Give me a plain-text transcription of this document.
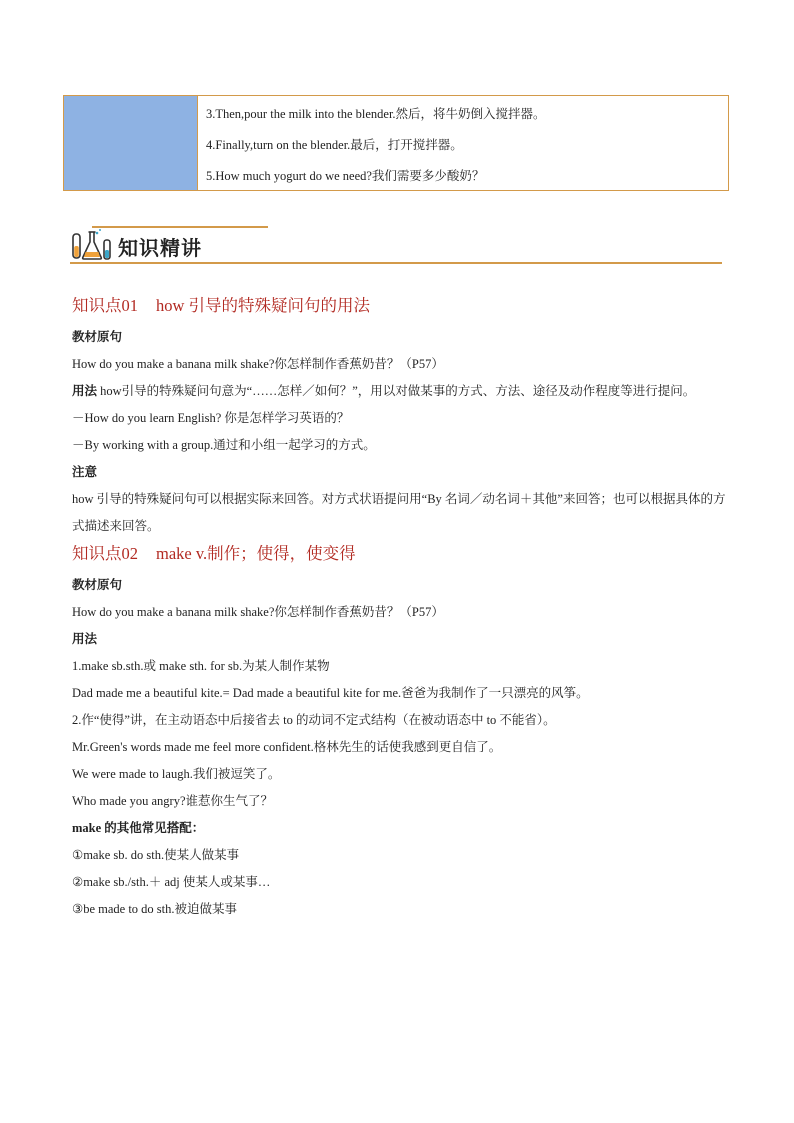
3.Then,pour the milk into the blender.然后，将牛奶倒入搅拌器。
4.Finally,turn on the blender.最后，打开搅拌器。
5.How much yogurt do we need?我们需要多少酸奶？
知识精讲
知识点01 how 引导的特殊疑问句的用法
教材原句
How do you make a banana milk shake?你怎样制作香蕉奶昔？（P57）
用法 how引导的特殊疑问句意为“……怎样／如何？”，用以对做某事的方式、方法、途径及动作程度等进行提问。
－How do you learn English? 你是怎样学习英语的？
－By working with a group.通过和小组一起学习的方式。
注意
how 引导的特殊疑问句可以根据实际来回答。对方式状语提问用“By 名词／动名词＋其他”来回答；也可以根据具体的方式描述来回答。
知识点02 make v.制作；使得，使变得
教材原句
How do you make a banana milk shake?你怎样制作香蕉奶昔？（P57）
用法
1.make sb.sth.或 make sth. for sb.为某人制作某物
Dad made me a beautiful kite.= Dad made a beautiful kite for me.爸爸为我制作了一只漂亮的风筝。
2.作“使得”讲，在主动语态中后接省去 to 的动词不定式结构（在被动语态中 to 不能省）。
Mr.Green's words made me feel more confident.格林先生的话使我感到更自信了。
We were made to laugh.我们被逗笑了。
Who made you angry?谁惹你生气了？
make 的其他常见搭配：
①make sb. do sth.使某人做某事
②make sb./sth.＋ adj 使某人或某事…
③be made to do sth.被迫做某事
